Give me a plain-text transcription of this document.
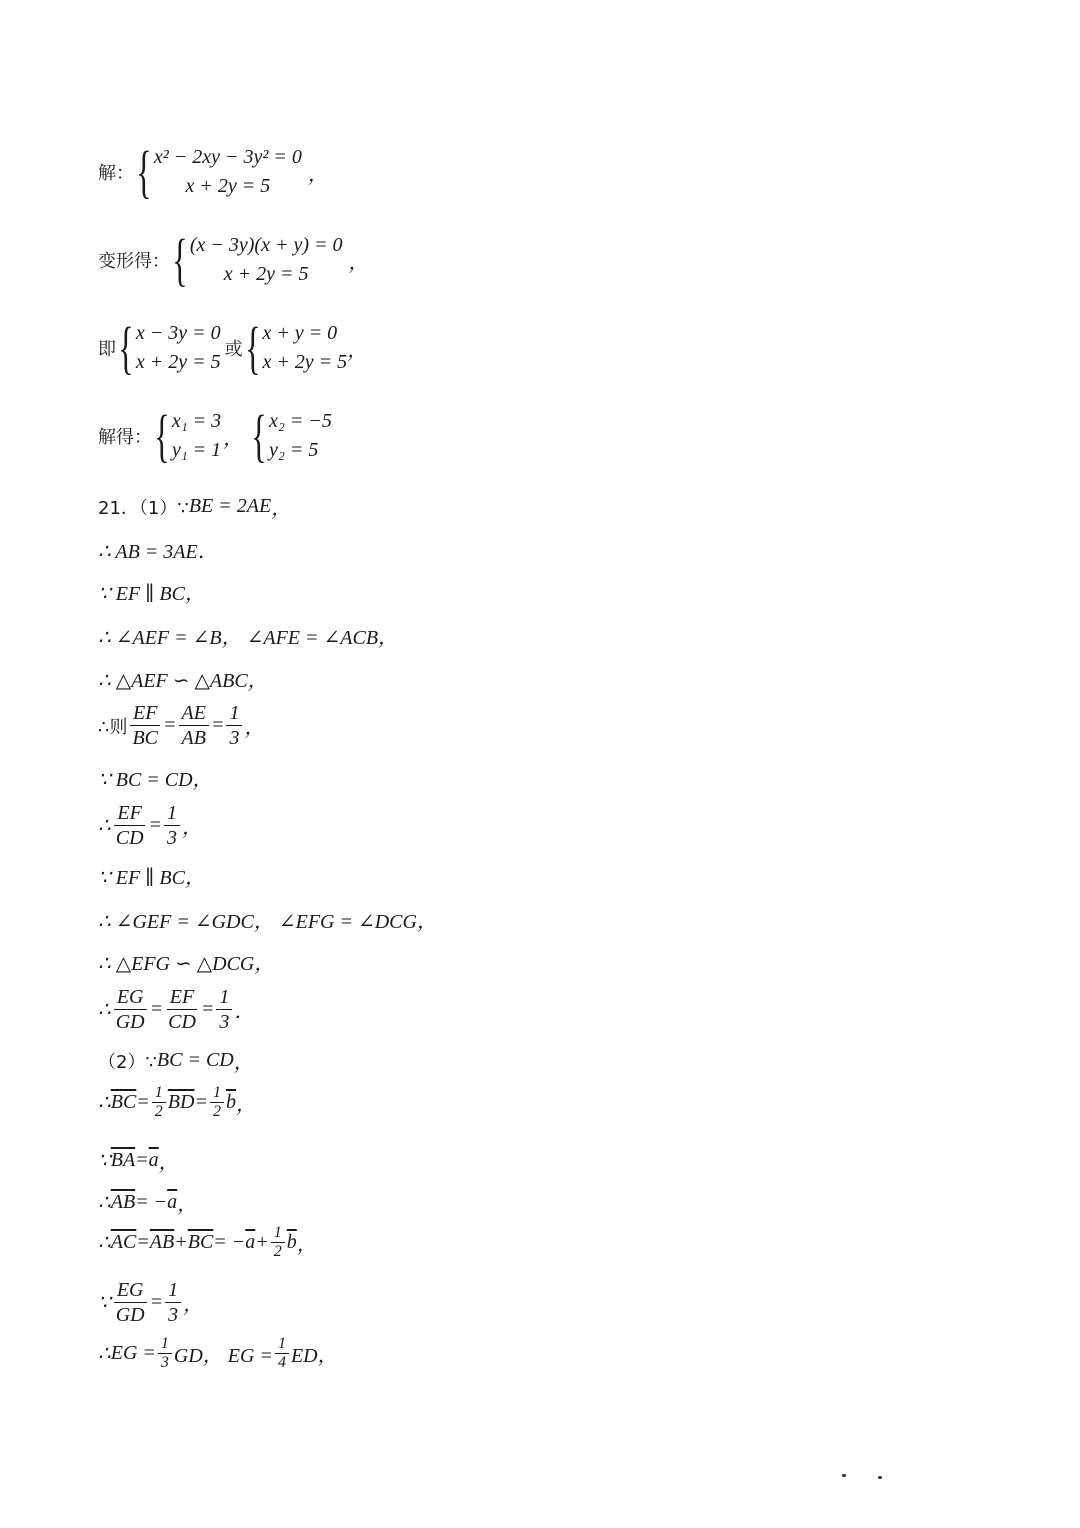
解： { x² − 2xy − 3y² = 0
x + 2y = 5
，
变形得： { (x − 3y)(x + y) = 0
x + 2y = 5
，
即 { x − 3y = 0
x + 2y = 5
或 { x + y = 0
x + 2y = 5
，
解得： { x₁ = 3
y₁ = 1
， { x₂ = −5
y₂ = 5
21．（1）∵ BE = 2AE ，
∴ AB = 3AE．
∵ EF ∥ BC，
∴ ∠AEF = ∠B， ∠AFE = ∠ACB，
∴ △AEF ∽ △ABC，
∴则 $\frac{EF}{BC} = \frac{AE}{AB} = \frac{1}{3}$ ，
∵ BC = CD，
∴ $\frac{EF}{CD} = \frac{1}{3}$ ，
∵ EF ∥ BC，
∴ ∠GEF = ∠GDC， ∠EFG = ∠DCG，
∴ △EFG ∽ △DCG，
∴ $\frac{EG}{GD} = \frac{EF}{CD} = \frac{1}{3}$ ．
（2）∵ BC = CD ，
∴ $\overline{BC} = \frac{1}{2} \overline{BD} = \frac{1}{2} \overline{b}$ ，
∵ $\overline{BA} = \overline{a}$ ，
∴ $\overline{AB}$ = − $\overline{a}$ ，
∴ $\overline{AC} = \overline{AB} + \overline{BC}$ = − $\overline{a} + \frac{1}{2} \overline{b}$ ，
∵ $\frac{EG}{GD} = \frac{1}{3}$ ，
∴ EG = $\frac{1}{3}$ GD， EG = $\frac{1}{4}$ ED，
